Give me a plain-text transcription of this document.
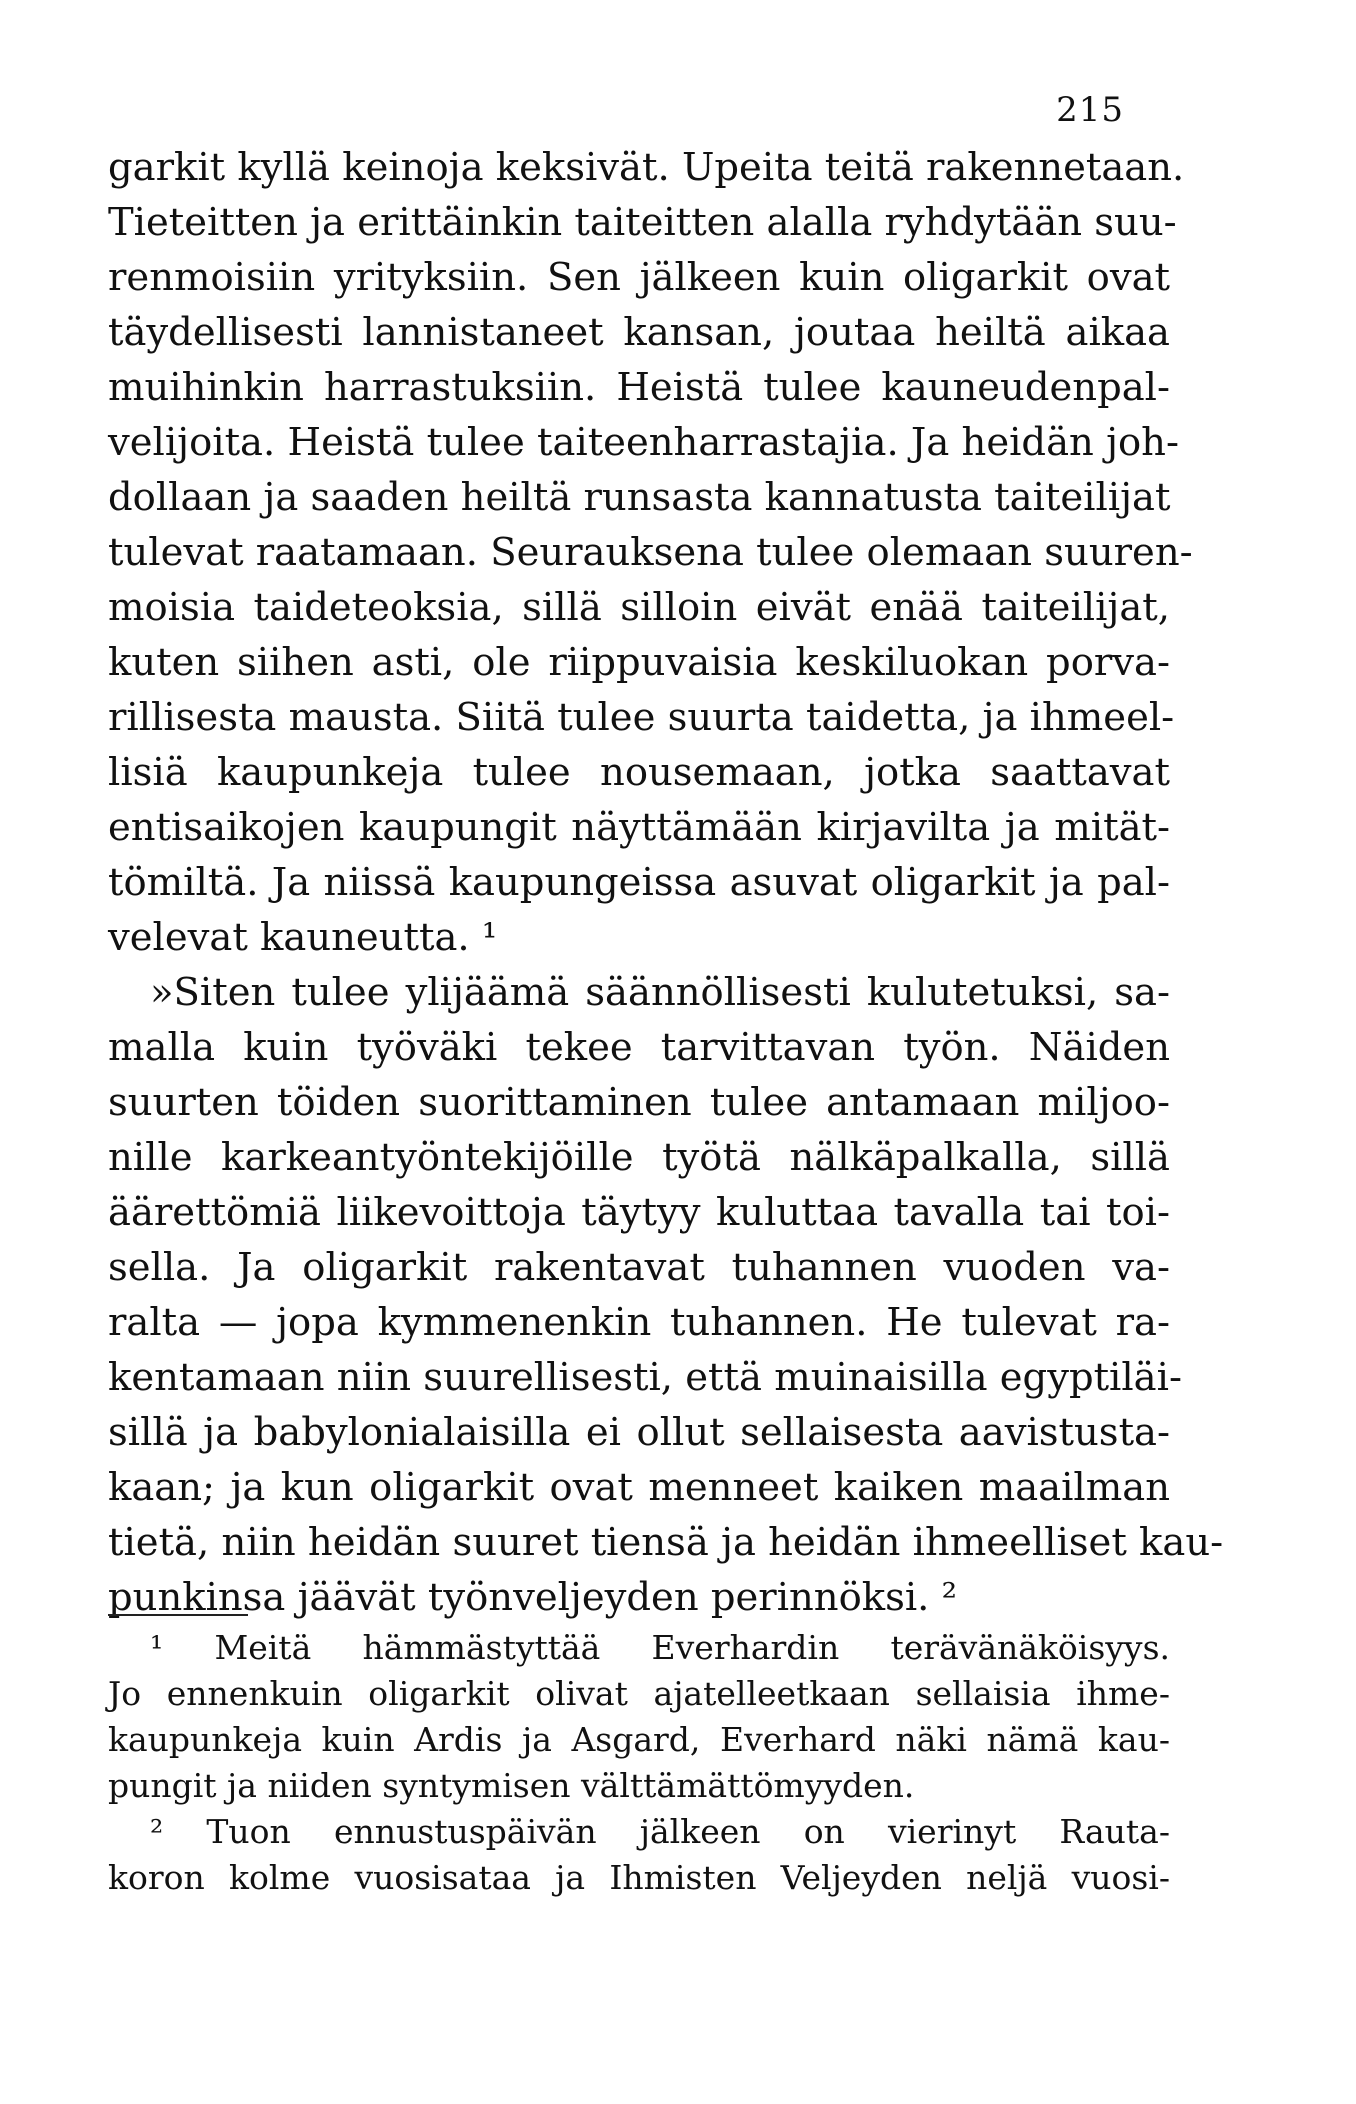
215
garkit kyllä keinoja keksivät. Upeita teitä rakennetaan.
Tieteitten ja erittäinkin taiteitten alalla ryhdytään suu-
renmoisiin yrityksiin. Sen jälkeen kuin oligarkit ovat
täydellisesti lannistaneet kansan, joutaa heiltä aikaa
muihinkin harrastuksiin. Heistä tulee kauneudenpal-
velijoita. Heistä tulee taiteenharrastajia. Ja heidän joh-
dollaan ja saaden heiltä runsasta kannatusta taiteilijat
tulevat raatamaan. Seurauksena tulee olemaan suuren-
moisia taideteoksia, sillä silloin eivät enää taiteilijat,
kuten siihen asti, ole riippuvaisia keskiluokan porva-
rillisesta mausta. Siitä tulee suurta taidetta, ja ihmeel-
lisiä kaupunkeja tulee nousemaan, jotka saattavat
entisaikojen kaupungit näyttämään kirjavilta ja mität-
tömiltä. Ja niissä kaupungeissa asuvat oligarkit ja pal-
velevat kauneutta. ¹
»Siten tulee ylijäämä säännöllisesti kulutetuksi, sa-
malla kuin työväki tekee tarvittavan työn. Näiden
suurten töiden suorittaminen tulee antamaan miljoo-
nille karkeantyöntekijöille työtä nälkäpalkalla, sillä
äärettömiä liikevoittoja täytyy kuluttaa tavalla tai toi-
sella. Ja oligarkit rakentavat tuhannen vuoden va-
ralta — jopa kymmenenkin tuhannen. He tulevat ra-
kentamaan niin suurellisesti, että muinaisilla egyptiläi-
sillä ja babylonialaisilla ei ollut sellaisesta aavistusta-
kaan; ja kun oligarkit ovat menneet kaiken maailman
tietä, niin heidän suuret tiensä ja heidän ihmeelliset kau-
punkinsa jäävät työnveljeyden perinnöksi. ²
¹ Meitä hämmästyttää Everhardin terävänäköisyys.
Jo ennenkuin oligarkit olivat ajatelleetkaan sellaisia ihme-
kaupunkeja kuin Ardis ja Asgard, Everhard näki nämä kau-
pungit ja niiden syntymisen välttämättömyyden.
² Tuon ennustuspäivän jälkeen on vierinyt Rauta-
koron kolme vuosisataa ja Ihmisten Veljeyden neljä vuosi-
